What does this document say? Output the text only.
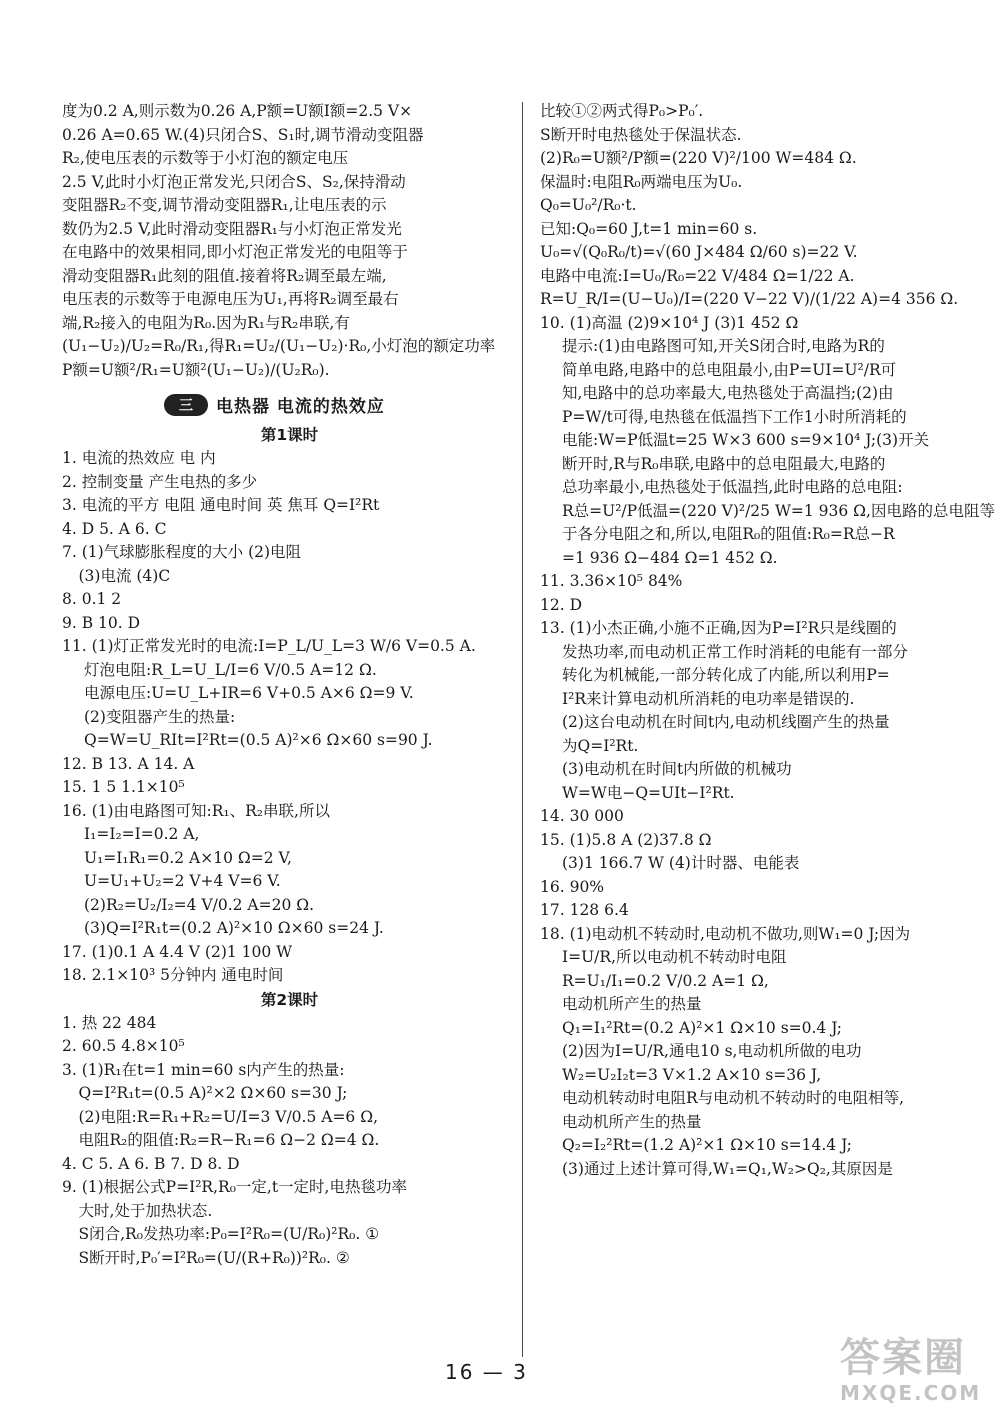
度为0.2 A,则示数为0.26 A,P额=U额I额=2.5 V×
0.26 A=0.65 W.(4)只闭合S、S₁时,调节滑动变阻器
R₂,使电压表的示数等于小灯泡的额定电压
2.5 V,此时小灯泡正常发光,只闭合S、S₂,保持滑动
变阻器R₂不变,调节滑动变阻器R₁,让电压表的示
数仍为2.5 V,此时滑动变阻器R₁与小灯泡正常发光
在电路中的效果相同,即小灯泡正常发光的电阻等于
滑动变阻器R₁此刻的阻值.接着将R₂调至最左端,
电压表的示数等于电源电压为U₁,再将R₂调至最右
端,R₂接入的电阻为R₀.因为R₁与R₂串联,有
(U₁−U₂)/U₂=R₀/R₁,得R₁=U₂/(U₁−U₂)·R₀,小灯泡的额定功率
P额=U额²/R₁=U额²(U₁−U₂)/(U₂R₀).
三	电热器 电流的热效应
第1课时
1. 电流的热效应 电 内
2. 控制变量 产生电热的多少
3. 电流的平方 电阻 通电时间 英 焦耳 Q=I²Rt
4. D 5. A 6. C
7. (1)气球膨胀程度的大小 (2)电阻
(3)电流 (4)C
8. 0.1 2
9. B 10. D
11. (1)灯正常发光时的电流:I=P_L/U_L=3 W/6 V=0.5 A.
灯泡电阻:R_L=U_L/I=6 V/0.5 A=12 Ω.
电源电压:U=U_L+IR=6 V+0.5 A×6 Ω=9 V.
(2)变阻器产生的热量:
Q=W=U_RIt=I²Rt=(0.5 A)²×6 Ω×60 s=90 J.
12. B 13. A 14. A
15. 1 5 1.1×10⁵
16. (1)由电路图可知:R₁、R₂串联,所以
I₁=I₂=I=0.2 A,
U₁=I₁R₁=0.2 A×10 Ω=2 V,
U=U₁+U₂=2 V+4 V=6 V.
(2)R₂=U₂/I₂=4 V/0.2 A=20 Ω.
(3)Q=I²R₁t=(0.2 A)²×10 Ω×60 s=24 J.
17. (1)0.1 A 4.4 V (2)1 100 W
18. 2.1×10³ 5分钟内 通电时间
第2课时
1. 热 22 484
2. 60.5 4.8×10⁵
3. (1)R₁在t=1 min=60 s内产生的热量:
Q=I²R₁t=(0.5 A)²×2 Ω×60 s=30 J;
(2)电阻:R=R₁+R₂=U/I=3 V/0.5 A=6 Ω,
电阻R₂的阻值:R₂=R−R₁=6 Ω−2 Ω=4 Ω.
4. C 5. A 6. B 7. D 8. D
9. (1)根据公式P=I²R,R₀一定,t一定时,电热毯功率
大时,处于加热状态.
S闭合,R₀发热功率:P₀=I²R₀=(U/R₀)²R₀. ①
S断开时,P₀′=I²R₀=(U/(R+R₀))²R₀. ②
比较①②两式得P₀>P₀′.
S断开时电热毯处于保温状态.
(2)R₀=U额²/P额=(220 V)²/100 W=484 Ω.
保温时:电阻R₀两端电压为U₀.
Q₀=U₀²/R₀·t.
已知:Q₀=60 J,t=1 min=60 s.
U₀=√(Q₀R₀/t)=√(60 J×484 Ω/60 s)=22 V.
电路中电流:I=U₀/R₀=22 V/484 Ω=1/22 A.
R=U_R/I=(U−U₀)/I=(220 V−22 V)/(1/22 A)=4 356 Ω.
10. (1)高温 (2)9×10⁴ J (3)1 452 Ω
提示:(1)由电路图可知,开关S闭合时,电路为R的
简单电路,电路中的总电阻最小,由P=UI=U²/R可
知,电路中的总功率最大,电热毯处于高温挡;(2)由
P=W/t可得,电热毯在低温挡下工作1小时所消耗的
电能:W=P低温t=25 W×3 600 s=9×10⁴ J;(3)开关
断开时,R与R₀串联,电路中的总电阻最大,电路的
总功率最小,电热毯处于低温挡,此时电路的总电阻:
R总=U²/P低温=(220 V)²/25 W=1 936 Ω,因电路的总电阻等
于各分电阻之和,所以,电阻R₀的阻值:R₀=R总−R
=1 936 Ω−484 Ω=1 452 Ω.
11. 3.36×10⁵ 84%
12. D
13. (1)小杰正确,小施不正确,因为P=I²R只是线圈的
发热功率,而电动机正常工作时消耗的电能有一部分
转化为机械能,一部分转化成了内能,所以利用P=
I²R来计算电动机所消耗的电功率是错误的.
(2)这台电动机在时间t内,电动机线圈产生的热量
为Q=I²Rt.
(3)电动机在时间t内所做的机械功
W=W电−Q=UIt−I²Rt.
14. 30 000
15. (1)5.8 A (2)37.8 Ω
(3)1 166.7 W (4)计时器、电能表
16. 90%
17. 128 6.4
18. (1)电动机不转动时,电动机不做功,则W₁=0 J;因为
I=U/R,所以电动机不转动时电阻
R=U₁/I₁=0.2 V/0.2 A=1 Ω,
电动机所产生的热量
Q₁=I₁²Rt=(0.2 A)²×1 Ω×10 s=0.4 J;
(2)因为I=U/R,通电10 s,电动机所做的电功
W₂=U₂I₂t=3 V×1.2 A×10 s=36 J,
电动机转动时电阻R与电动机不转动时的电阻相等,
电动机所产生的热量
Q₂=I₂²Rt=(1.2 A)²×1 Ω×10 s=14.4 J;
(3)通过上述计算可得,W₁=Q₁,W₂>Q₂,其原因是
16 — 3	答案圈
MXQE.COM
